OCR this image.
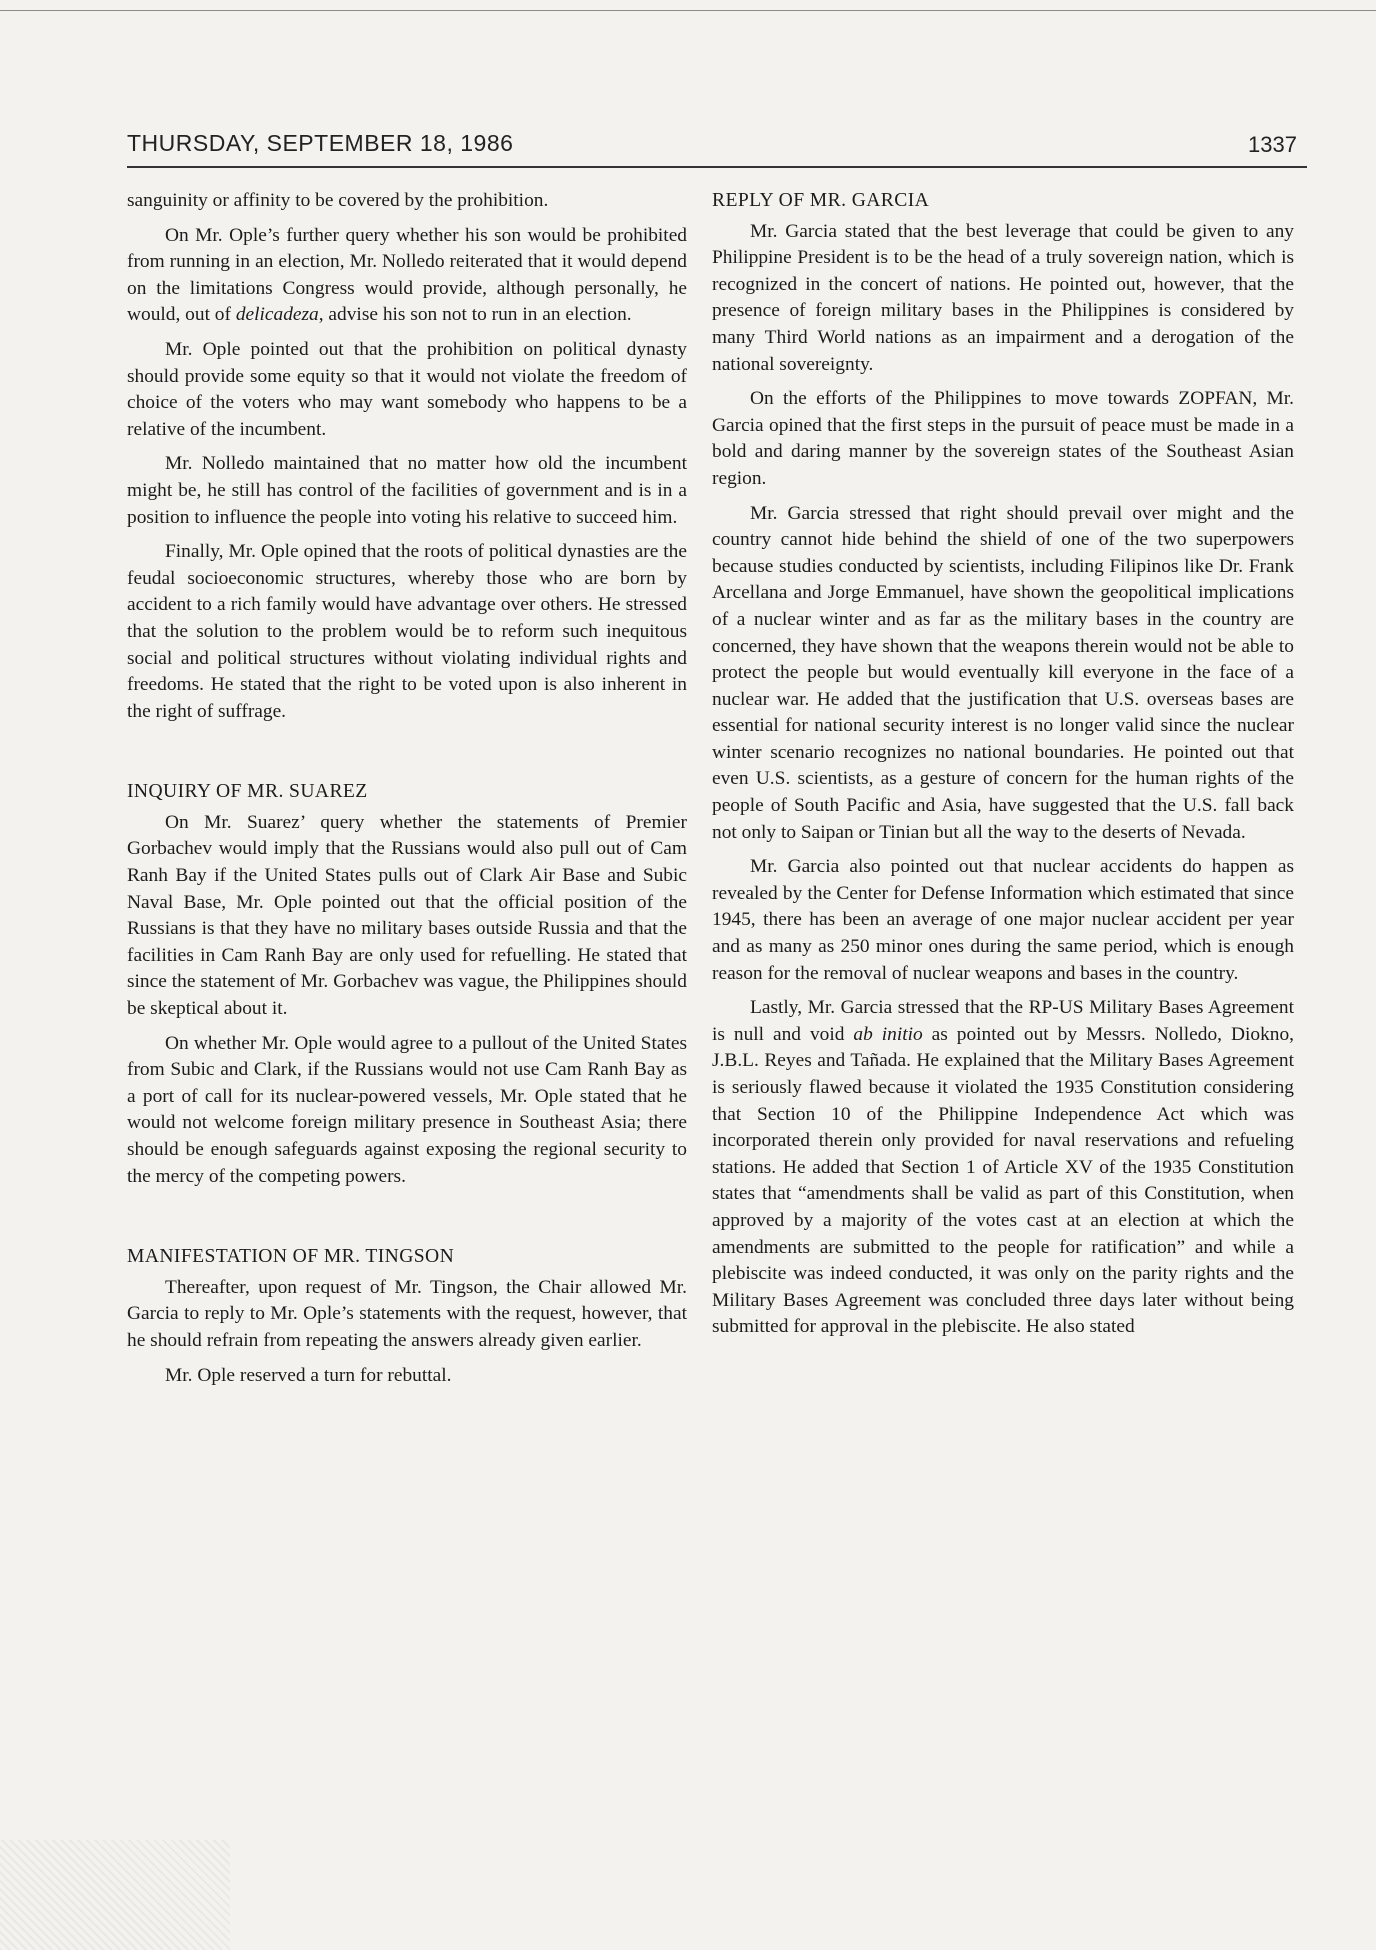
THURSDAY, SEPTEMBER 18, 1986	1337

sanguinity or affinity to be covered by the prohibition.

On Mr. Ople’s further query whether his son would be prohibited from running in an election, Mr. Nolledo reiterated that it would depend on the limitations Congress would provide, although personally, he would, out of delicadeza, advise his son not to run in an election.

Mr. Ople pointed out that the prohibition on political dynasty should provide some equity so that it would not violate the freedom of choice of the voters who may want somebody who happens to be a relative of the incumbent.

Mr. Nolledo maintained that no matter how old the incumbent might be, he still has control of the facilities of government and is in a position to influence the people into voting his relative to succeed him.

Finally, Mr. Ople opined that the roots of political dynasties are the feudal socioeconomic structures, whereby those who are born by accident to a rich family would have advantage over others. He stressed that the solution to the problem would be to reform such inequitous social and political structures without violating individual rights and freedoms. He stated that the right to be voted upon is also inherent in the right of suffrage.

INQUIRY OF MR. SUAREZ

On Mr. Suarez’ query whether the statements of Premier Gorbachev would imply that the Russians would also pull out of Cam Ranh Bay if the United States pulls out of Clark Air Base and Subic Naval Base, Mr. Ople pointed out that the official position of the Russians is that they have no military bases outside Russia and that the facilities in Cam Ranh Bay are only used for refuelling. He stated that since the statement of Mr. Gorbachev was vague, the Philippines should be skeptical about it.

On whether Mr. Ople would agree to a pullout of the United States from Subic and Clark, if the Russians would not use Cam Ranh Bay as a port of call for its nuclear-powered vessels, Mr. Ople stated that he would not welcome foreign military presence in Southeast Asia; there should be enough safeguards against exposing the regional security to the mercy of the competing powers.

MANIFESTATION OF MR. TINGSON

Thereafter, upon request of Mr. Tingson, the Chair allowed Mr. Garcia to reply to Mr. Ople’s statements with the request, however, that he should refrain from repeating the answers already given earlier.

Mr. Ople reserved a turn for rebuttal.

REPLY OF MR. GARCIA

Mr. Garcia stated that the best leverage that could be given to any Philippine President is to be the head of a truly sovereign nation, which is recognized in the concert of nations. He pointed out, however, that the presence of foreign military bases in the Philippines is considered by many Third World nations as an impairment and a derogation of the national sovereignty.

On the efforts of the Philippines to move towards ZOPFAN, Mr. Garcia opined that the first steps in the pursuit of peace must be made in a bold and daring manner by the sovereign states of the Southeast Asian region.

Mr. Garcia stressed that right should prevail over might and the country cannot hide behind the shield of one of the two superpowers because studies conducted by scientists, including Filipinos like Dr. Frank Arcellana and Jorge Emmanuel, have shown the geopolitical implications of a nuclear winter and as far as the military bases in the country are concerned, they have shown that the weapons therein would not be able to protect the people but would eventually kill everyone in the face of a nuclear war. He added that the justification that U.S. overseas bases are essential for national security interest is no longer valid since the nuclear winter scenario recognizes no national boundaries. He pointed out that even U.S. scientists, as a gesture of concern for the human rights of the people of South Pacific and Asia, have suggested that the U.S. fall back not only to Saipan or Tinian but all the way to the deserts of Nevada.

Mr. Garcia also pointed out that nuclear accidents do happen as revealed by the Center for Defense Information which estimated that since 1945, there has been an average of one major nuclear accident per year and as many as 250 minor ones during the same period, which is enough reason for the removal of nuclear weapons and bases in the country.

Lastly, Mr. Garcia stressed that the RP-US Military Bases Agreement is null and void ab initio as pointed out by Messrs. Nolledo, Diokno, J.B.L. Reyes and Tañada. He explained that the Military Bases Agreement is seriously flawed because it violated the 1935 Constitution considering that Section 10 of the Philippine Independence Act which was incorporated therein only provided for naval reservations and refueling stations. He added that Section 1 of Article XV of the 1935 Constitution states that “amendments shall be valid as part of this Constitution, when approved by a majority of the votes cast at an election at which the amendments are submitted to the people for ratification” and while a plebiscite was indeed conducted, it was only on the parity rights and the Military Bases Agreement was concluded three days later without being submitted for approval in the plebiscite. He also stated
